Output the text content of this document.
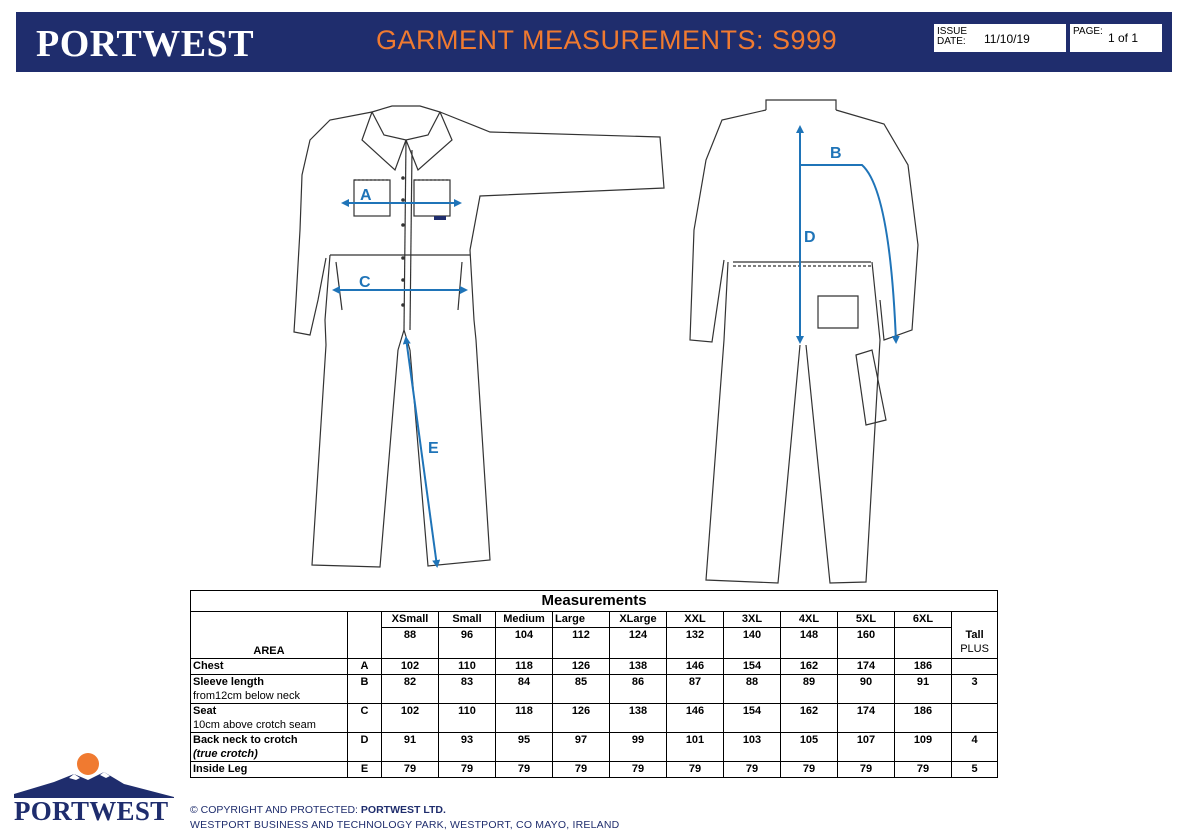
PORTWEST	GARMENT MEASUREMENTS: S999	ISSUE
DATE: 11/10/19
PAGE: 1 of 1
A
B
C
D
E
Measurements												
		XSmall	Small	Medium	Large	XLarge	XXL	3XL	4XL	5XL	6XL	
AREA		88	96	104	112	124	132	140	148	160		Tall
PLUS
Chest	A	102	110	118	126	138	146	154	162	174	186	
Sleeve length
from12cm below neck	B	82	83	84	85	86	87	88	89	90	91	3
Seat
10cm above crotch seam	C	102	110	118	126	138	146	154	162	174	186	
Back neck to crotch
(true crotch)	D	91	93	95	97	99	101	103	105	107	109	4
Inside Leg	E	79	79	79	79	79	79	79	79	79	79	5
PORTWEST © COPYRIGHT AND PROTECTED: PORTWEST LTD.
WESTPORT BUSINESS AND TECHNOLOGY PARK, WESTPORT, CO MAYO, IRELAND
